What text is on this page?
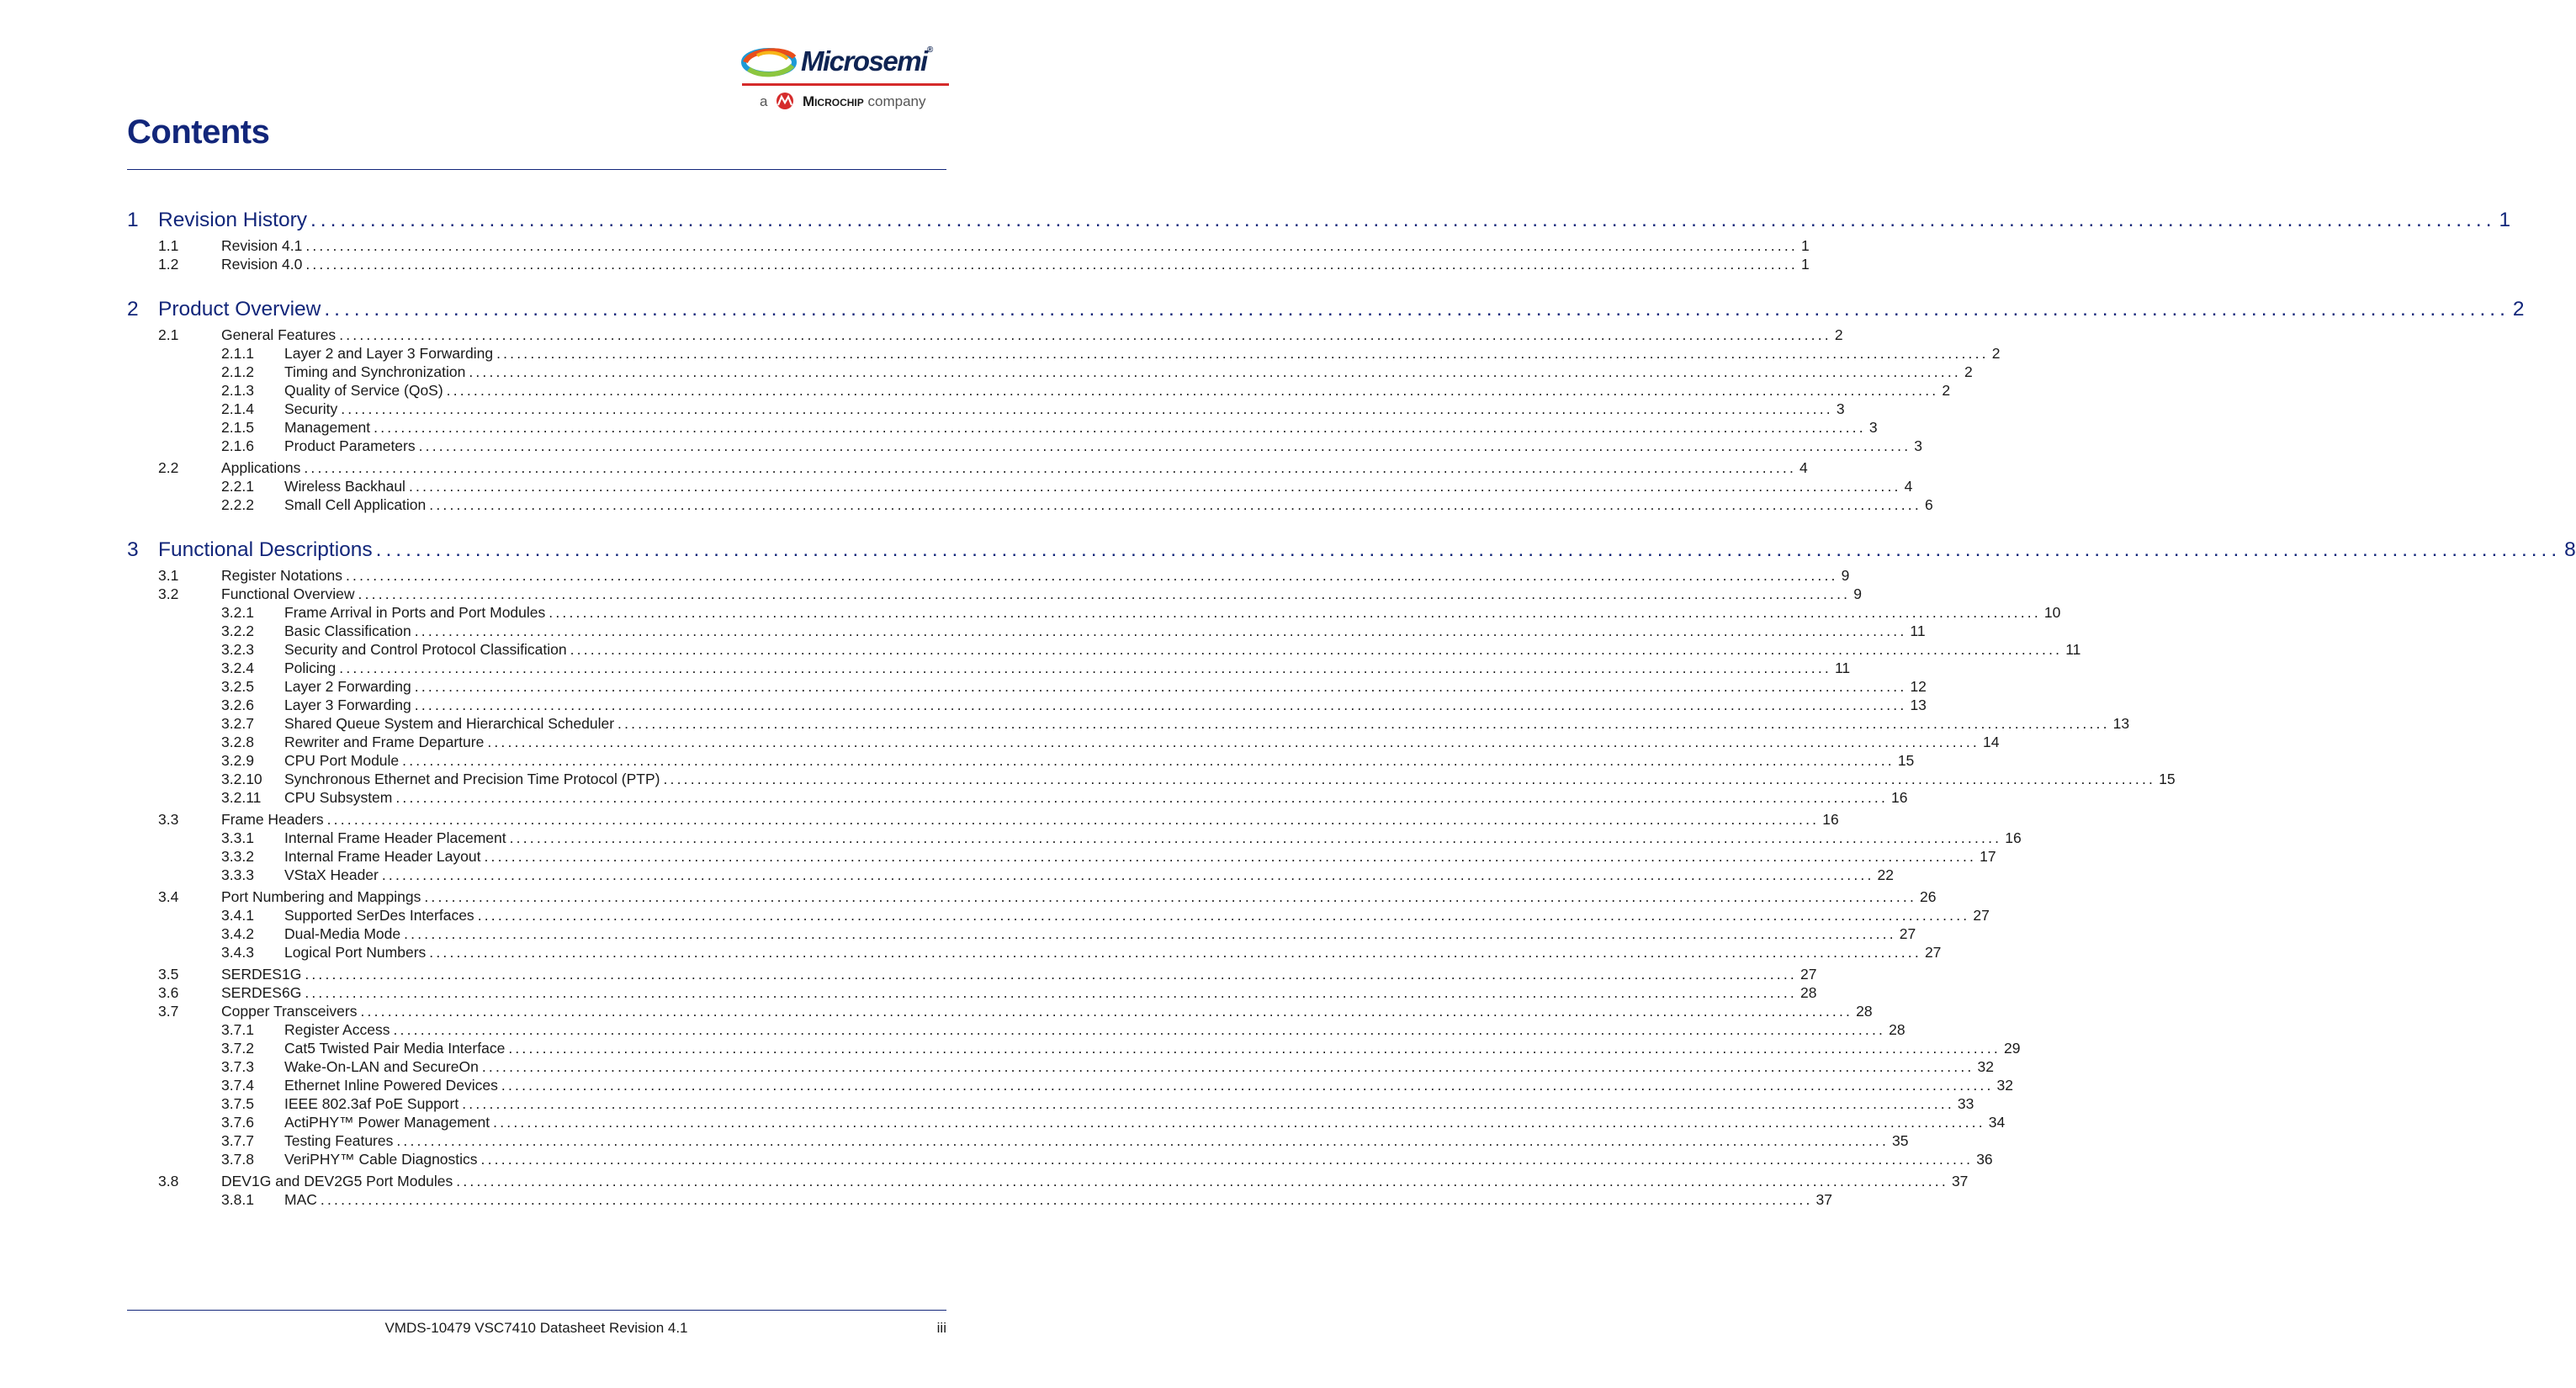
Microsemi®
a Microchip company
Contents
1 Revision History ............................................................................................................................................................................................................................ 1
1.1	Revision 4.1 ............................................................................................................................................................................................................................ 1
1.2	Revision 4.0 ............................................................................................................................................................................................................................ 1
2 Product Overview ............................................................................................................................................................................................................................ 2
2.1	General Features ............................................................................................................................................................................................................................ 2
2.1.1	Layer 2 and Layer 3 Forwarding ............................................................................................................................................................................................................................ 2
2.1.2	Timing and Synchronization ............................................................................................................................................................................................................................ 2
2.1.3	Quality of Service (QoS) ............................................................................................................................................................................................................................ 2
2.1.4	Security ............................................................................................................................................................................................................................ 3
2.1.5	Management ............................................................................................................................................................................................................................ 3
2.1.6	Product Parameters ............................................................................................................................................................................................................................ 3
2.2	Applications ............................................................................................................................................................................................................................ 4
2.2.1	Wireless Backhaul ............................................................................................................................................................................................................................ 4
2.2.2	Small Cell Application ............................................................................................................................................................................................................................ 6
3 Functional Descriptions ............................................................................................................................................................................................................................ 8
3.1	Register Notations ............................................................................................................................................................................................................................ 9
3.2	Functional Overview ............................................................................................................................................................................................................................ 9
3.2.1	Frame Arrival in Ports and Port Modules ............................................................................................................................................................................................................................ 10
3.2.2	Basic Classification ............................................................................................................................................................................................................................ 11
3.2.3	Security and Control Protocol Classification ............................................................................................................................................................................................................................ 11
3.2.4	Policing ............................................................................................................................................................................................................................ 11
3.2.5	Layer 2 Forwarding ............................................................................................................................................................................................................................ 12
3.2.6	Layer 3 Forwarding ............................................................................................................................................................................................................................ 13
3.2.7	Shared Queue System and Hierarchical Scheduler ............................................................................................................................................................................................................................ 13
3.2.8	Rewriter and Frame Departure ............................................................................................................................................................................................................................ 14
3.2.9	CPU Port Module ............................................................................................................................................................................................................................ 15
3.2.10	Synchronous Ethernet and Precision Time Protocol (PTP) ............................................................................................................................................................................................................................ 15
3.2.11	CPU Subsystem ............................................................................................................................................................................................................................ 16
3.3	Frame Headers ............................................................................................................................................................................................................................ 16
3.3.1	Internal Frame Header Placement ............................................................................................................................................................................................................................ 16
3.3.2	Internal Frame Header Layout ............................................................................................................................................................................................................................ 17
3.3.3	VStaX Header ............................................................................................................................................................................................................................ 22
3.4	Port Numbering and Mappings ............................................................................................................................................................................................................................ 26
3.4.1	Supported SerDes Interfaces ............................................................................................................................................................................................................................ 27
3.4.2	Dual-Media Mode ............................................................................................................................................................................................................................ 27
3.4.3	Logical Port Numbers ............................................................................................................................................................................................................................ 27
3.5	SERDES1G ............................................................................................................................................................................................................................ 27
3.6	SERDES6G ............................................................................................................................................................................................................................ 28
3.7	Copper Transceivers ............................................................................................................................................................................................................................ 28
3.7.1	Register Access ............................................................................................................................................................................................................................ 28
3.7.2	Cat5 Twisted Pair Media Interface ............................................................................................................................................................................................................................ 29
3.7.3	Wake-On-LAN and SecureOn ............................................................................................................................................................................................................................ 32
3.7.4	Ethernet Inline Powered Devices ............................................................................................................................................................................................................................ 32
3.7.5	IEEE 802.3af PoE Support ............................................................................................................................................................................................................................ 33
3.7.6	ActiPHY™ Power Management ............................................................................................................................................................................................................................ 34
3.7.7	Testing Features ............................................................................................................................................................................................................................ 35
3.7.8	VeriPHY™ Cable Diagnostics ............................................................................................................................................................................................................................ 36
3.8	DEV1G and DEV2G5 Port Modules ............................................................................................................................................................................................................................ 37
3.8.1	MAC ............................................................................................................................................................................................................................ 37
VMDS-10479 VSC7410 Datasheet Revision 4.1	iii
